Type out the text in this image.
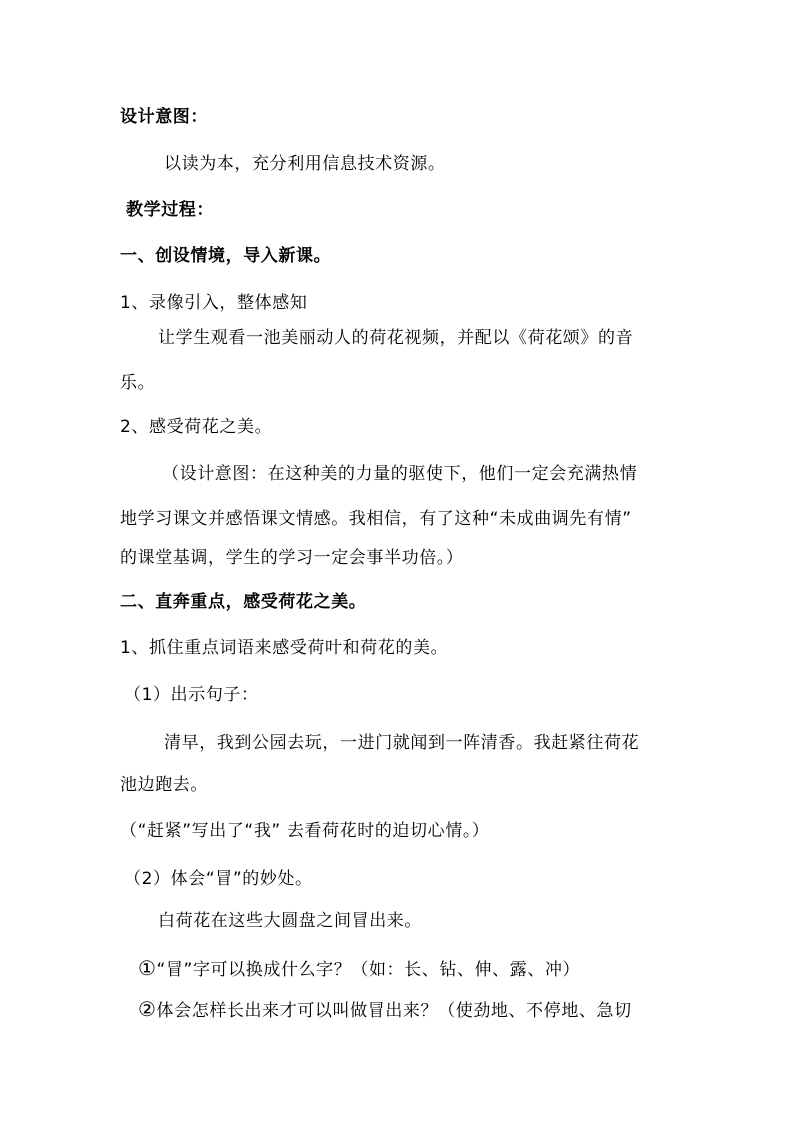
设计意图：
以读为本，充分利用信息技术资源。
教学过程：
一、创设情境，导入新课。
1、录像引入，整体感知
让学生观看一池美丽动人的荷花视频，并配以《荷花颂》的音
乐。
2、感受荷花之美。
（设计意图：在这种美的力量的驱使下，他们一定会充满热情
地学习课文并感悟课文情感。我相信，有了这种“未成曲调先有情”
的课堂基调，学生的学习一定会事半功倍。）
二、直奔重点，感受荷花之美。
1、抓住重点词语来感受荷叶和荷花的美。
（1）出示句子：
清早，我到公园去玩，一进门就闻到一阵清香。我赶紧往荷花
池边跑去。
（“赶紧”写出了“我” 去看荷花时的迫切心情。）
（2）体会“冒”的妙处。
白荷花在这些大圆盘之间冒出来。
①“冒”字可以换成什么字？（如：长、钻、伸、露、冲）
②体会怎样长出来才可以叫做冒出来？（使劲地、不停地、急切
